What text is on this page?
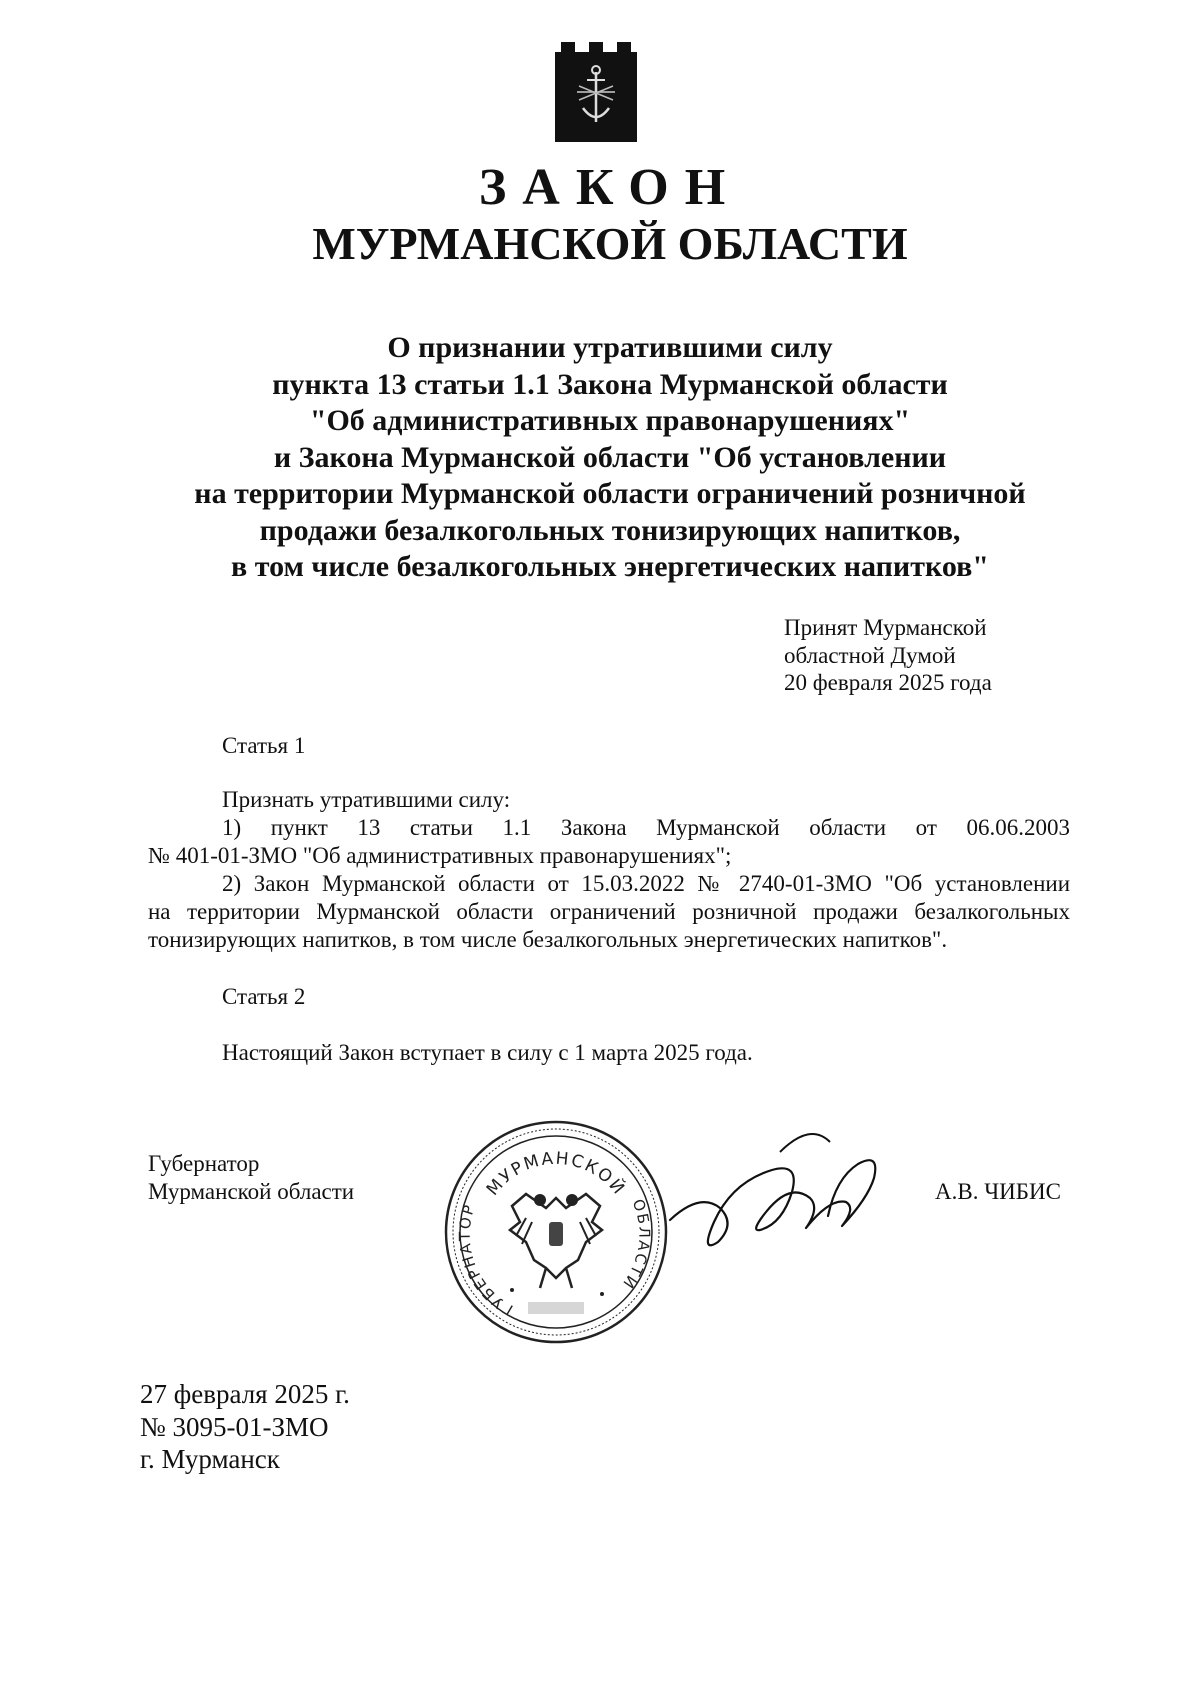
ЗАКОН
МУРМАНСКОЙ ОБЛАСТИ
О признании утратившими силу
пункта 13 статьи 1.1 Закона Мурманской области
"Об административных правонарушениях"
и Закона Мурманской области "Об установлении
на территории Мурманской области ограничений розничной
продажи безалкогольных тонизирующих напитков,
в том числе безалкогольных энергетических напитков"
Принят Мурманской
областной Думой
20 февраля 2025 года
Статья 1
Признать утратившими силу:
1) пункт 13 статьи 1.1 Закона Мурманской области от 06.06.2003
№ 401-01-ЗМО "Об административных правонарушениях";
2) Закон Мурманской области от 15.03.2022 № 2740-01-ЗМО "Об установлении
на территории Мурманской области ограничений розничной продажи безалкогольных
тонизирующих напитков, в том числе безалкогольных энергетических напитков".
Статья 2
Настоящий Закон вступает в силу с 1 марта 2025 года.
Губернатор
Мурманской области	МУРМАНСКОЙ
ГУБЕРНАТОР	ОБЛАСТИ
А.В. ЧИБИС
27 февраля 2025 г.
№ 3095-01-ЗМО
г. Мурманск
